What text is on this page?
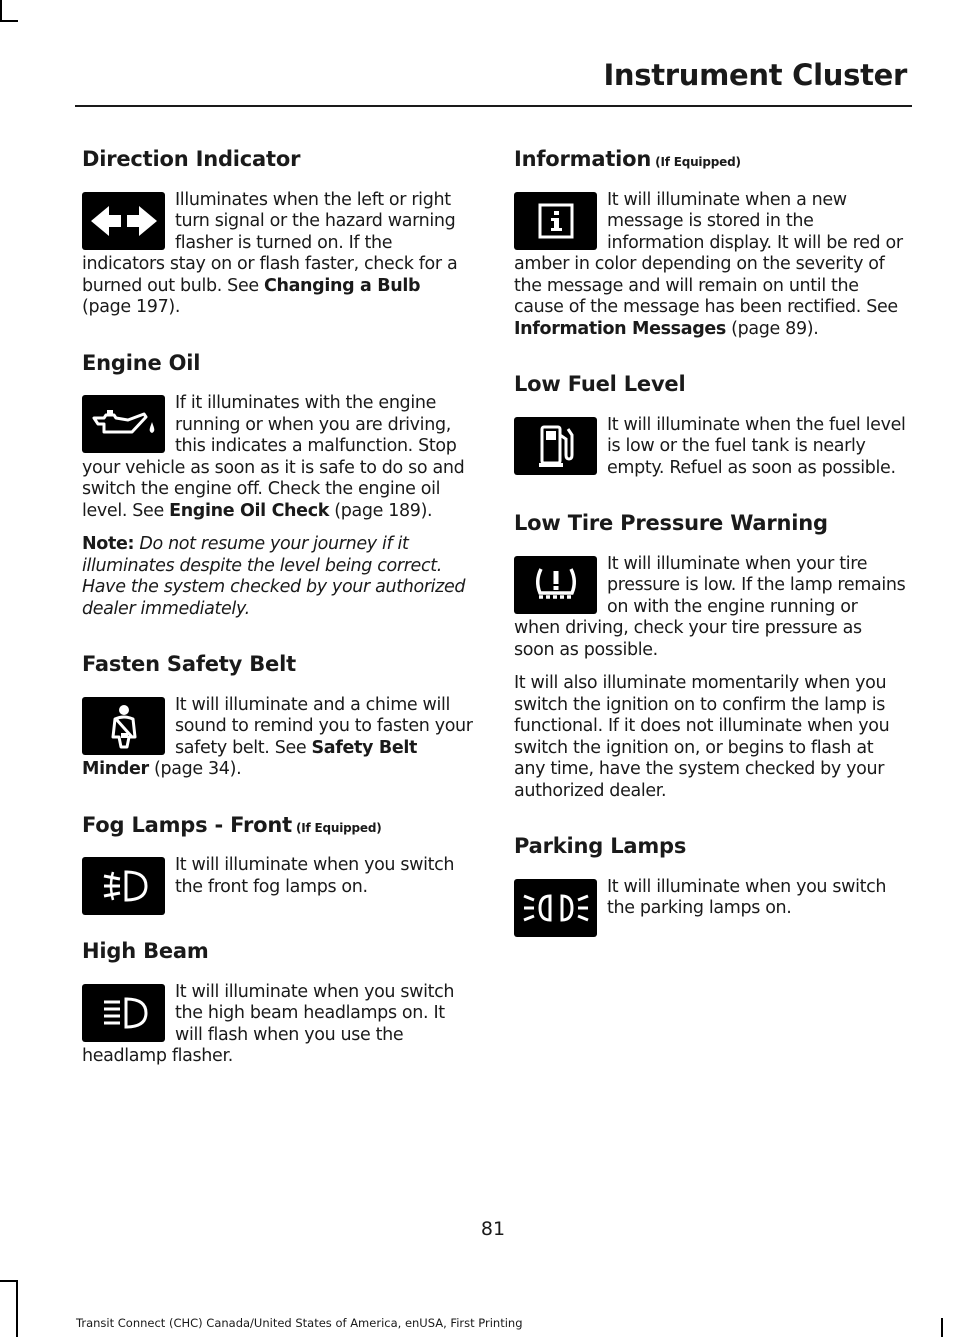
Instrument Cluster
Direction Indicator

Illuminates when the left or right turn signal or the hazard warning flasher is turned on. If the indicators stay on or flash faster, check for a burned out bulb. See Changing a Bulb (page 197).

Engine Oil

If it illuminates with the engine running or when you are driving, this indicates a malfunction. Stop your vehicle as soon as it is safe to do so and switch the engine off. Check the engine oil level. See Engine Oil Check (page 189).

Note: Do not resume your journey if it illuminates despite the level being correct. Have the system checked by your authorized dealer immediately.

Fasten Safety Belt

It will illuminate and a chime will sound to remind you to fasten your safety belt. See Safety Belt Minder (page 34).

Fog Lamps - Front (If Equipped)

It will illuminate when you switch the front fog lamps on.

High Beam

It will illuminate when you switch the high beam headlamps on. It will flash when you use the headlamp flasher.

Information (If Equipped)

It will illuminate when a new message is stored in the information display. It will be red or amber in color depending on the severity of the message and will remain on until the cause of the message has been rectified. See Information Messages (page 89).

Low Fuel Level

It will illuminate when the fuel level is low or the fuel tank is nearly empty. Refuel as soon as possible.

Low Tire Pressure Warning

It will illuminate when your tire pressure is low. If the lamp remains on with the engine running or when driving, check your tire pressure as soon as possible.

It will also illuminate momentarily when you switch the ignition on to confirm the lamp is functional. If it does not illuminate when you switch the ignition on, or begins to flash at any time, have the system checked by your authorized dealer.

Parking Lamps

It will illuminate when you switch the parking lamps on.

81
Transit Connect (CHC) Canada/United States of America, enUSA, First Printing
